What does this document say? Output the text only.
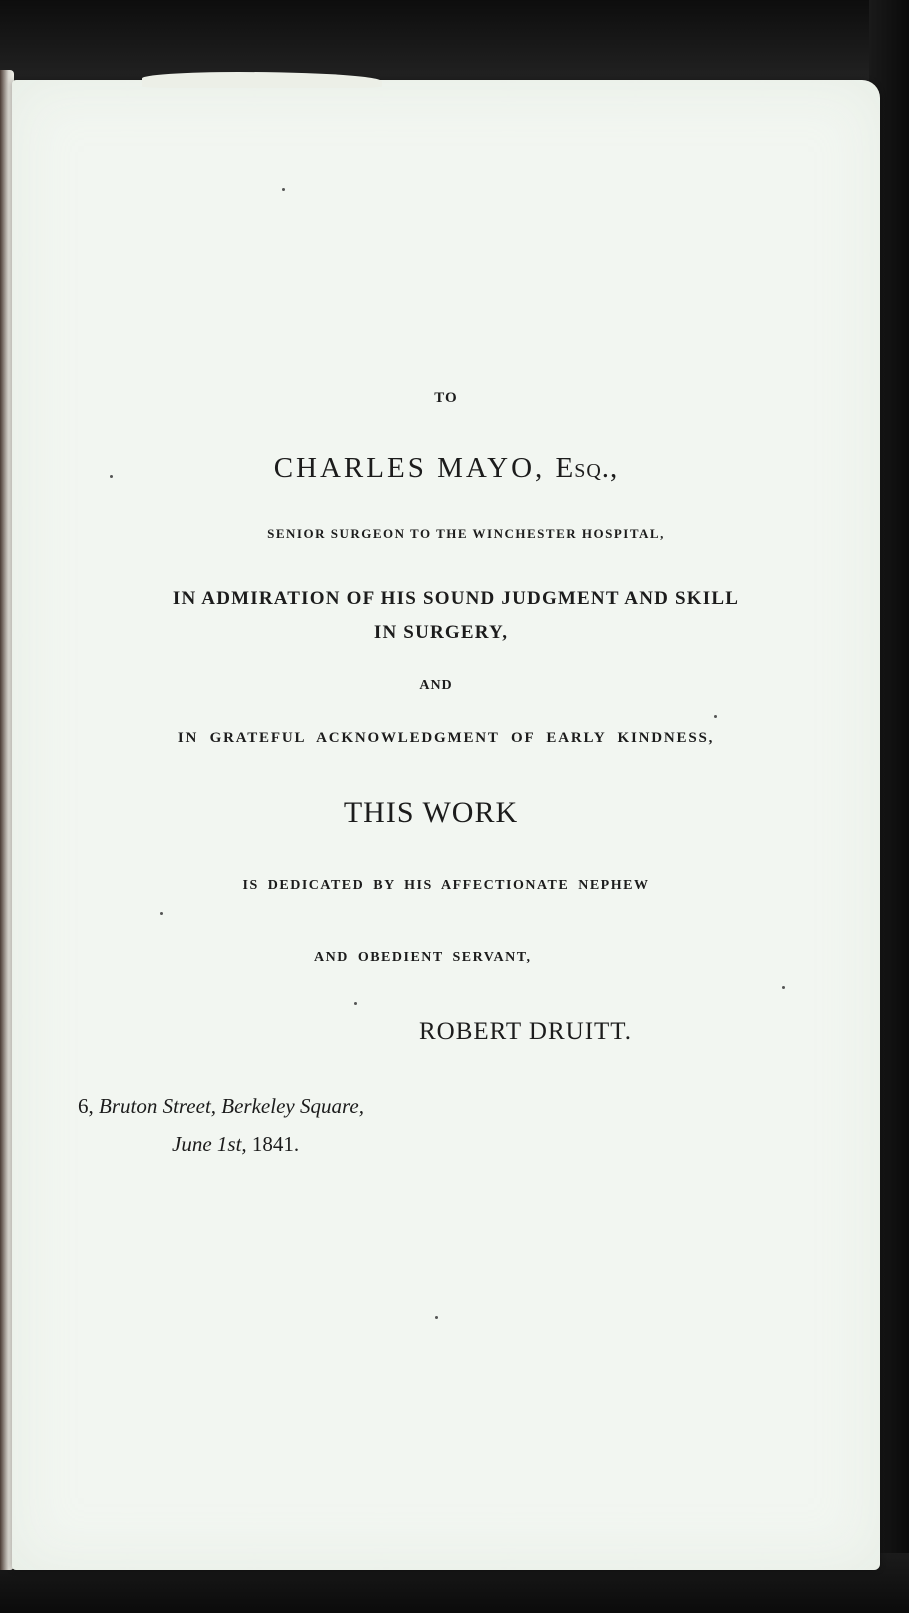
TO
CHARLES MAYO, Esq.,
SENIOR SURGEON TO THE WINCHESTER HOSPITAL,
IN ADMIRATION OF HIS SOUND JUDGMENT AND SKILL
IN SURGERY,
AND
IN GRATEFUL ACKNOWLEDGMENT OF EARLY KINDNESS,
THIS WORK
IS DEDICATED BY HIS AFFECTIONATE NEPHEW
AND OBEDIENT SERVANT,
ROBERT DRUITT.
6, Bruton Street, Berkeley Square,
June 1st, 1841.
